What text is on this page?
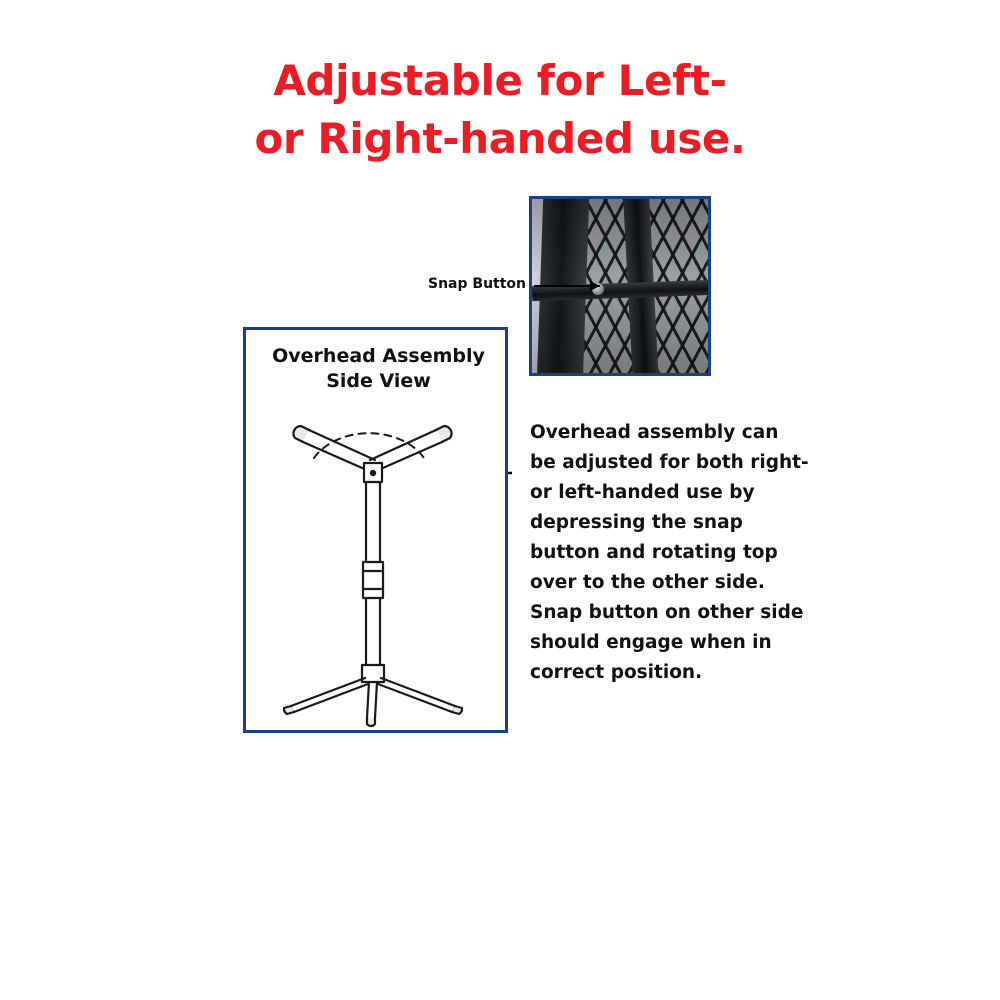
Adjustable for Left-
or Right-handed use.
Snap Button
Overhead Assembly
Side View
Overhead assembly can be adjusted for both right- or left-handed use by depressing the snap button and rotating top over to the other side. Snap button on other side should engage when in correct position.
